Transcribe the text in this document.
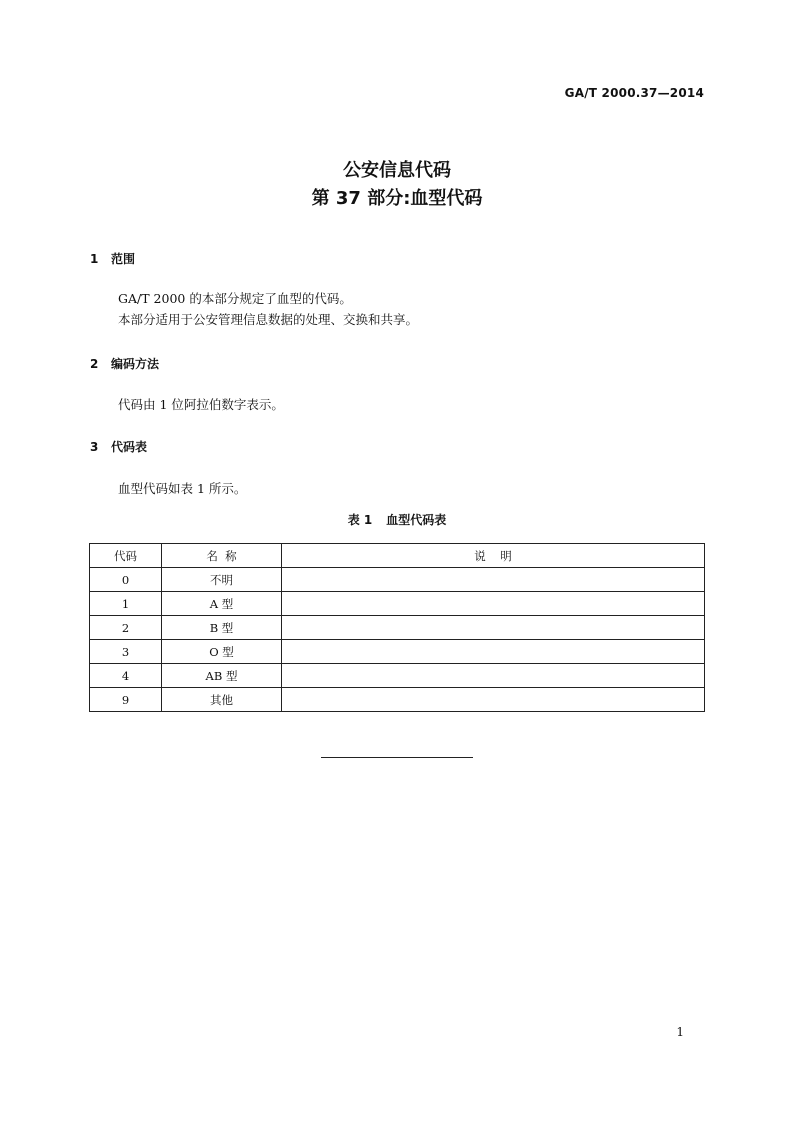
GA/T 2000.37—2014
公安信息代码
第 37 部分:血型代码
1 范围
GA/T 2000 的本部分规定了血型的代码。
本部分适用于公安管理信息数据的处理、交换和共享。
2 编码方法
代码由 1 位阿拉伯数字表示。
3 代码表
血型代码如表 1 所示。
表 1 血型代码表
代码	名  称	说    明
0	不明	
1	A 型	
2	B 型	
3	O 型	
4	AB 型	
9	其他	
1
